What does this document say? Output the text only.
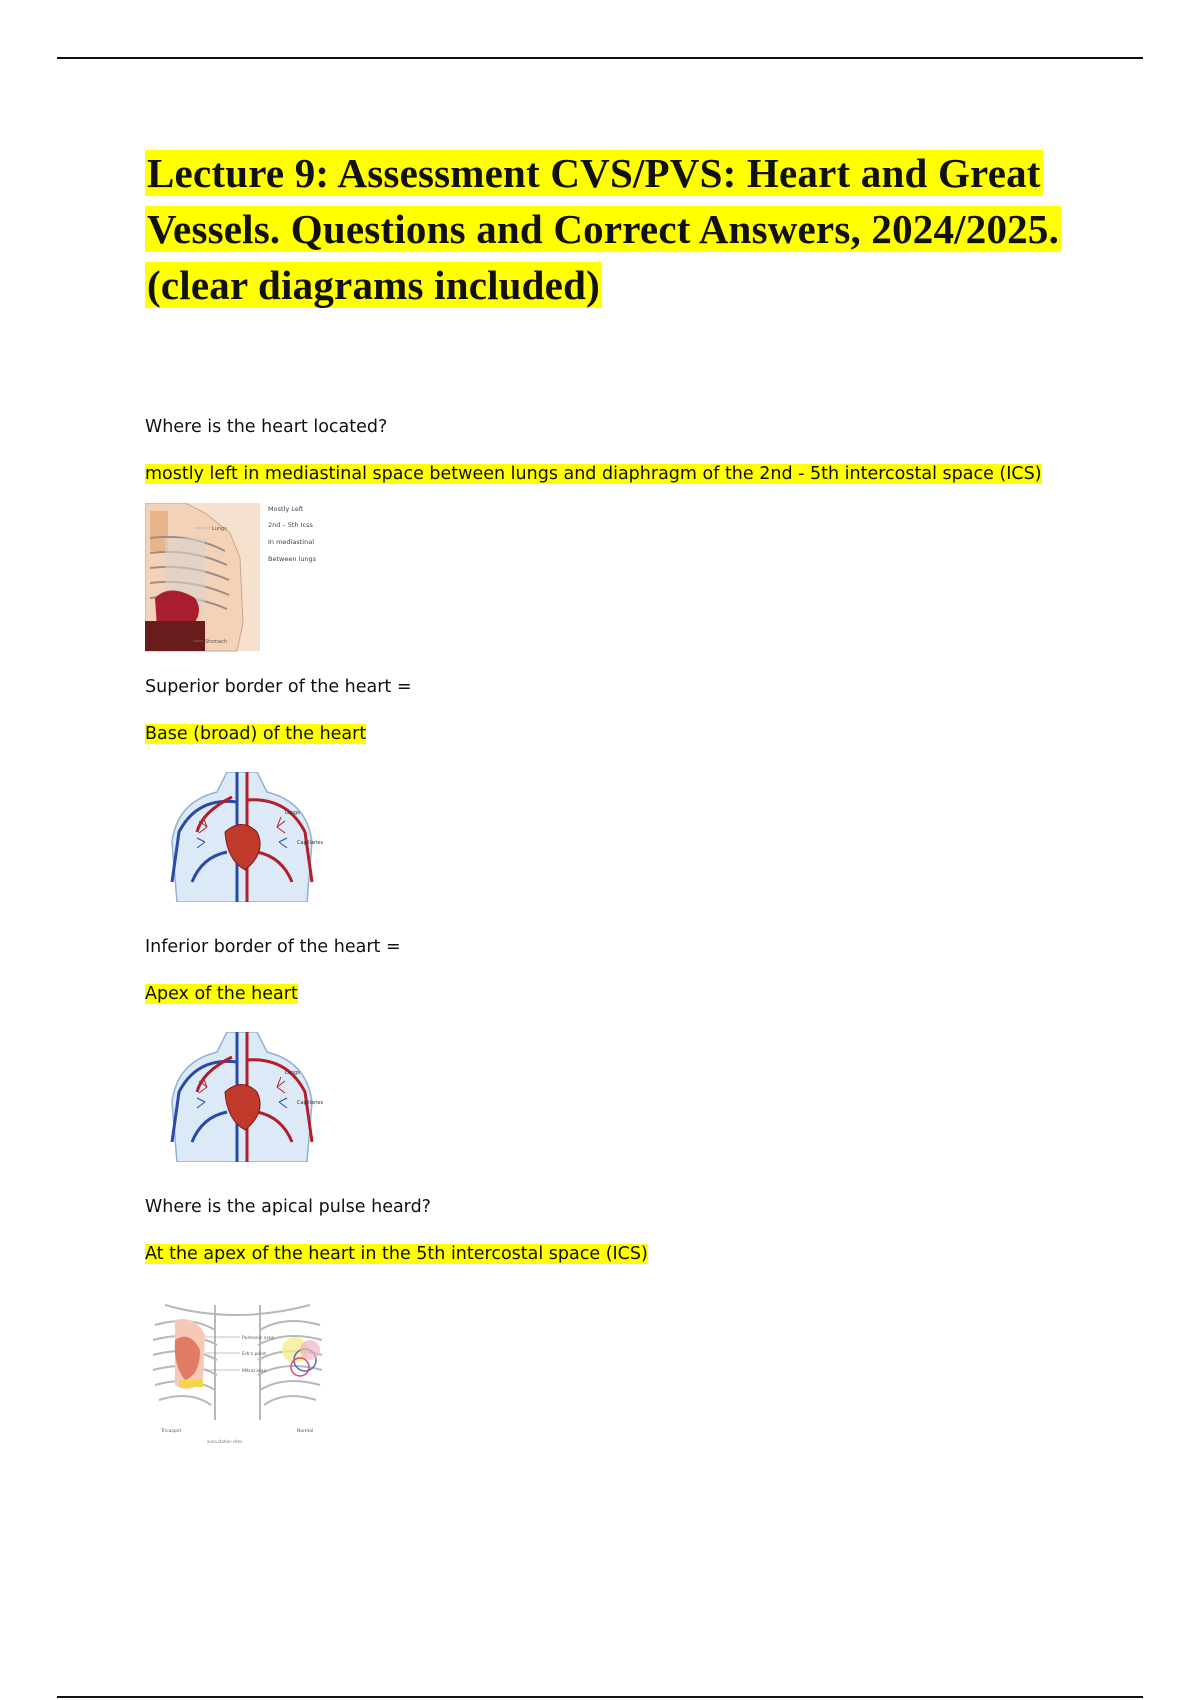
Lecture 9: Assessment CVS/PVS: Heart and Great Vessels. Questions and Correct Answers, 2024/2025. (clear diagrams included)

Where is the heart located?

mostly left in mediastinal space between lungs and diaphragm of the 2nd - 5th intercostal space (ICS)

Lungs
Stomach
Mostly Left
2nd – 5th Icss
In mediastinal
Between lungs

Superior border of the heart =

Base (broad) of the heart

Lungs
Capillaries

Inferior border of the heart =

Apex of the heart

Lungs
Capillaries

Where is the apical pulse heard?

At the apex of the heart in the 5th intercostal space (ICS)

Pulmonic area
Erb's point
Mitral area
Tricuspid	Normal
auscultation sites
